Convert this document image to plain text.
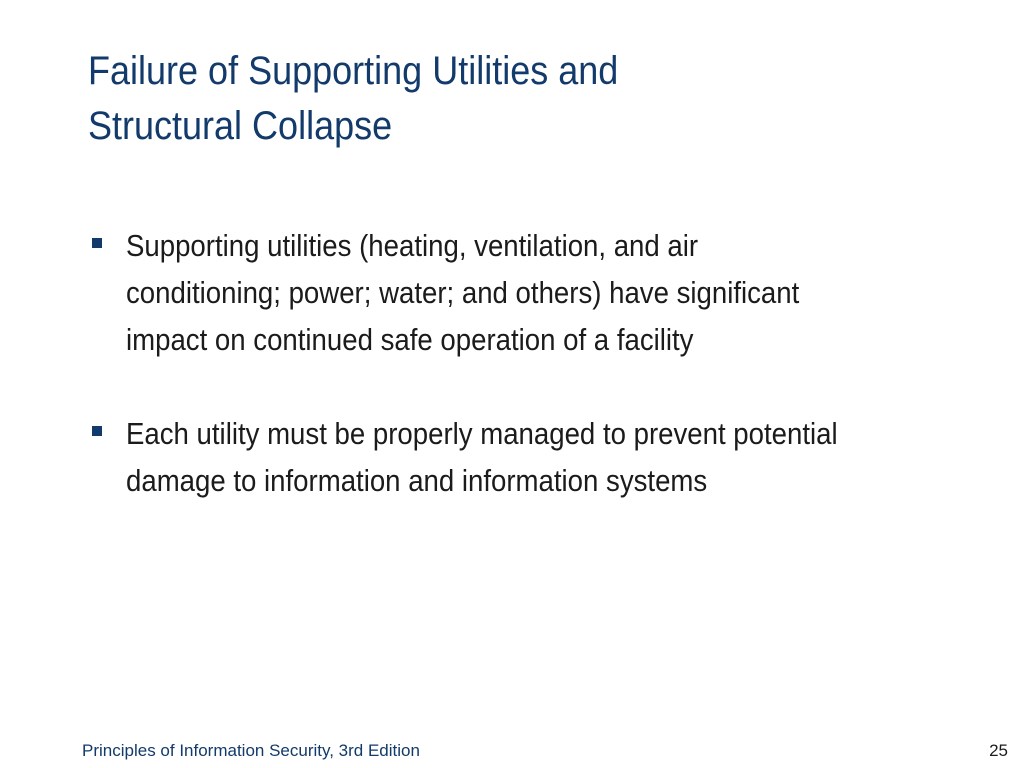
Failure of Supporting Utilities and
Structural Collapse
Supporting utilities (heating, ventilation, and air
conditioning; power; water; and others) have significant
impact on continued safe operation of a facility
Each utility must be properly managed to prevent potential
damage to information and information systems
Principles of Information Security, 3rd Edition	25
